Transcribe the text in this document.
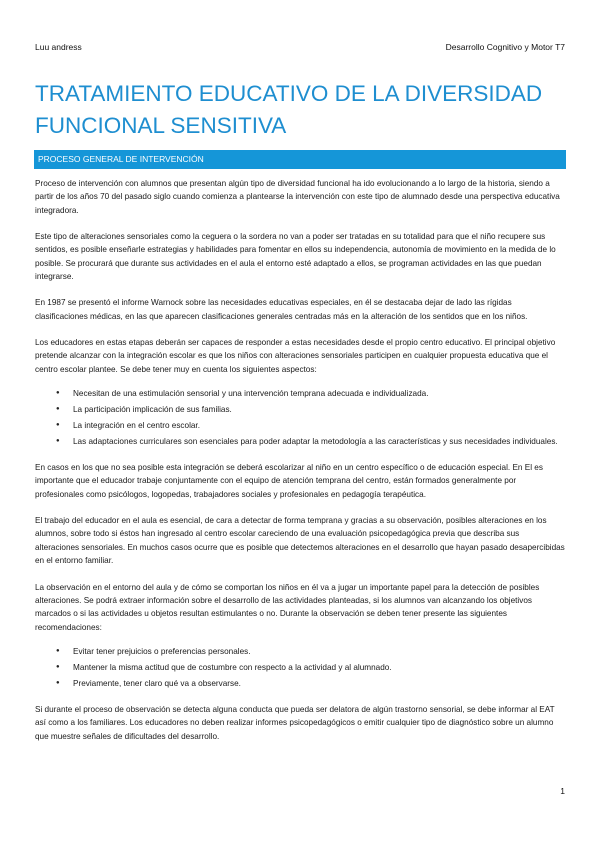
Luu andress	Desarrollo Cognitivo y Motor T7
TRATAMIENTO EDUCATIVO DE LA DIVERSIDAD FUNCIONAL SENSITIVA
PROCESO GENERAL DE INTERVENCIÓN

Proceso de intervención con alumnos que presentan algún tipo de diversidad funcional ha ido evolucionando a lo largo de la historia, siendo a partir de los años 70 del pasado siglo cuando comienza a plantearse la intervención con este tipo de alumnado desde una perspectiva educativa integradora.

Este tipo de alteraciones sensoriales como la ceguera o la sordera no van a poder ser tratadas en su totalidad para que el niño recupere sus sentidos, es posible enseñarle estrategias y habilidades para fomentar en ellos su independencia, autonomía de movimiento en la medida de lo posible. Se procurará que durante sus actividades en el aula el entorno esté adaptado a ellos, se programan actividades en las que puedan integrarse.

En 1987 se presentó el informe Warnock sobre las necesidades educativas especiales, en él se destacaba dejar de lado las rígidas clasificaciones médicas, en las que aparecen clasificaciones generales centradas más en la alteración de los sentidos que en los niños.

Los educadores en estas etapas deberán ser capaces de responder a estas necesidades desde el propio centro educativo. El principal objetivo pretende alcanzar con la integración escolar es que los niños con alteraciones sensoriales participen en cualquier propuesta educativa que el centro escolar plantee. Se debe tener muy en cuenta los siguientes aspectos:

● Necesitan de una estimulación sensorial y una intervención temprana adecuada e individualizada.
● La participación implicación de sus familias.
● La integración en el centro escolar.
● Las adaptaciones curriculares son esenciales para poder adaptar la metodología a las características y sus necesidades individuales.

En casos en los que no sea posible esta integración se deberá escolarizar al niño en un centro específico o de educación especial. En El es importante que el educador trabaje conjuntamente con el equipo de atención temprana del centro, están formados generalmente por profesionales como psicólogos, logopedas, trabajadores sociales y profesionales en pedagogía terapéutica.

El trabajo del educador en el aula es esencial, de cara a detectar de forma temprana y gracias a su observación, posibles alteraciones en los alumnos, sobre todo si éstos han ingresado al centro escolar careciendo de una evaluación psicopedagógica previa que describa sus alteraciones sensoriales. En muchos casos ocurre que es posible que detectemos alteraciones en el desarrollo que hayan pasado desapercibidas en el entorno familiar.

La observación en el entorno del aula y de cómo se comportan los niños en él va a jugar un importante papel para la detección de posibles alteraciones. Se podrá extraer información sobre el desarrollo de las actividades planteadas, si los alumnos van alcanzando los objetivos marcados o si las actividades u objetos resultan estimulantes o no. Durante la observación se deben tener presente las siguientes recomendaciones:

● Evitar tener prejuicios o preferencias personales.
● Mantener la misma actitud que de costumbre con respecto a la actividad y al alumnado.
● Previamente, tener claro qué va a observarse.

Si durante el proceso de observación se detecta alguna conducta que pueda ser delatora de algún trastorno sensorial, se debe informar al EAT así como a los familiares. Los educadores no deben realizar informes psicopedagógicos o emitir cualquier tipo de diagnóstico sobre un alumno que muestre señales de dificultades del desarrollo.

1
